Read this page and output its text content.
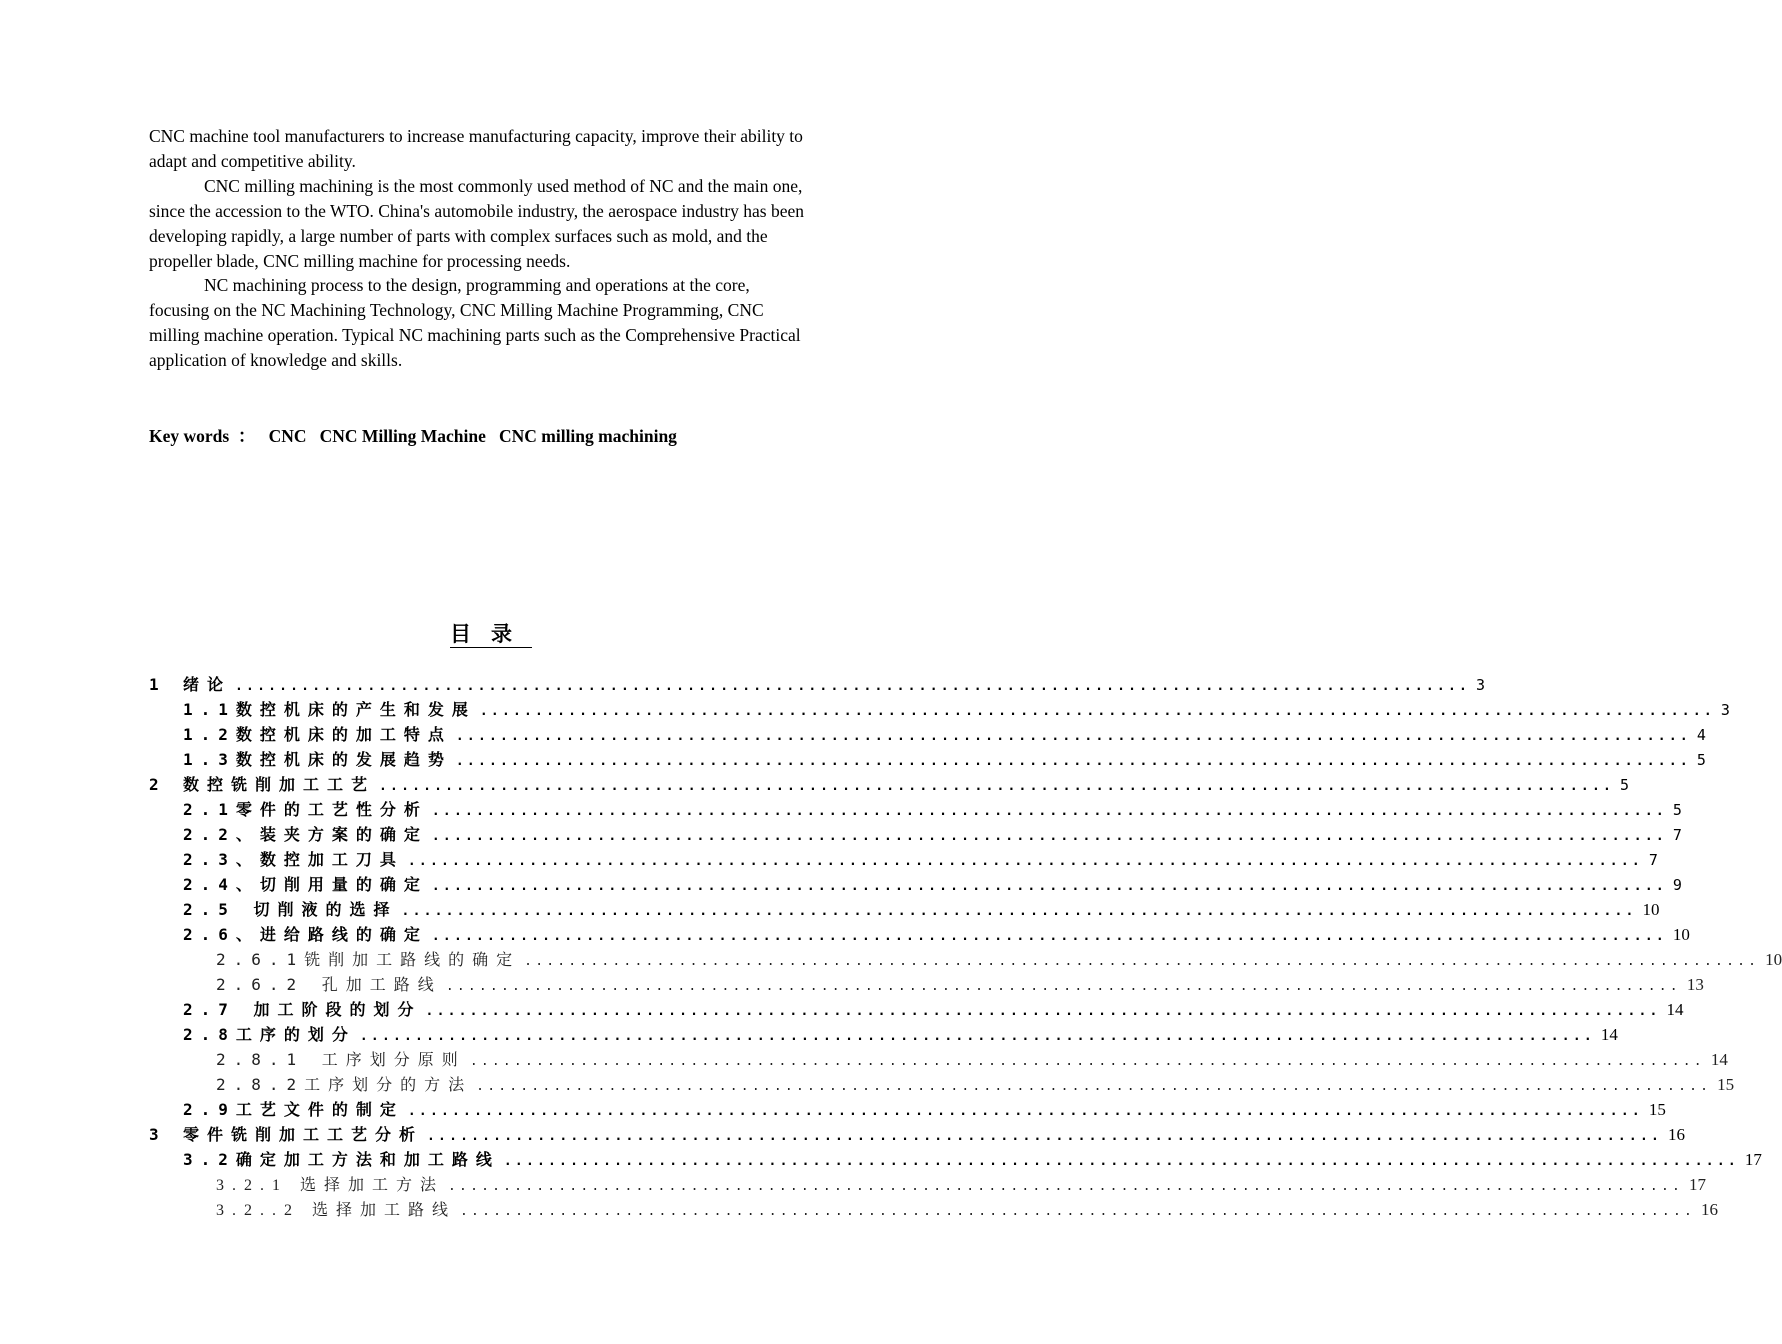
CNC machine tool manufacturers to increase manufacturing capacity, improve their ability to adapt and competitive ability.

CNC milling machining is the most commonly used method of NC and the main one, since the accession to the WTO. China's automobile industry, the aerospace industry has been developing rapidly, a large number of parts with complex surfaces such as mold, and the propeller blade, CNC milling machine for processing needs.

NC machining process to the design, programming and operations at the core, focusing on the NC Machining Technology, CNC Milling Machine Programming, CNC milling machine operation. Typical NC machining parts such as the Comprehensive Practical application of knowledge and skills.

Key words  ：   CNC   CNC Milling Machine   CNC milling machining
目录
1 绪论 ................................................................................................................ 3
1.1数控机床的产生和发展 ................................................................................................................ 3
1.2数控机床的加工特点 ................................................................................................................ 4
1.3数控机床的发展趋势 ................................................................................................................ 5
2 数控铣削加工工艺 ................................................................................................................ 5
2.1零件的工艺性分析 ................................................................................................................ 5
2.2、装夹方案的确定 ................................................................................................................ 7
2.3、数控加工刀具 ................................................................................................................ 7
2.4、切削用量的确定 ................................................................................................................ 9
2.5 切削液的选择 ................................................................................................................ 10
2.6、进给路线的确定 ................................................................................................................ 10
2.6.1铣削加工路线的确定 ................................................................................................................ 10
2.6.2 孔加工路线 ................................................................................................................ 13
2.7 加工阶段的划分 ................................................................................................................ 14
2.8工序的划分 ................................................................................................................ 14
2.8.1 工序划分原则 ................................................................................................................ 14
2.8.2工序划分的方法 ................................................................................................................ 15
2.9工艺文件的制定 ................................................................................................................ 15
3 零件铣削加工工艺分析 ................................................................................................................ 16
3.2确定加工方法和加工路线 ................................................................................................................ 17
3.2.1 选择加工方法 ................................................................................................................ 17
3.2..2 选择加工路线 ................................................................................................................ 16
